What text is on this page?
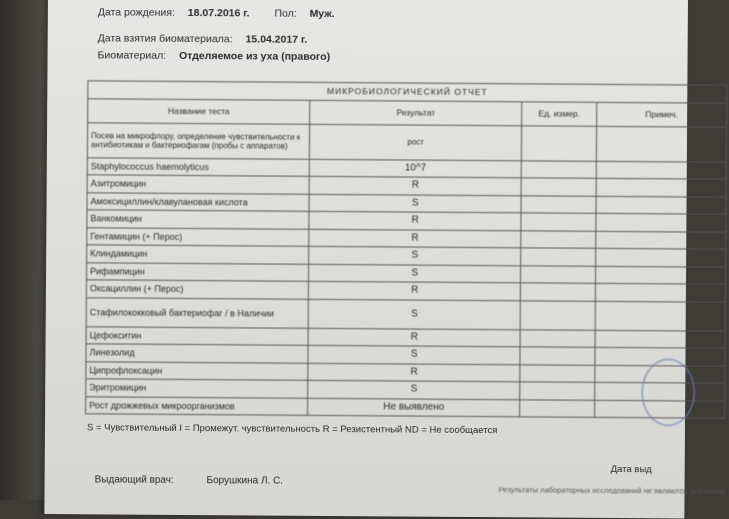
Дата рождения: 18.07.2016 г. Пол: Муж.
Дата взятия биоматериала: 15.04.2017 г.
Биоматериал: Отделяемое из уха (правого)
МИКРОБИОЛОГИЧЕСКИЙ ОТЧЕТ			
Название теста	Результат	Ед. измер.	Примеч.
Посев на микрофлору, определение чувствительности к антибиотикам и бактериофагам (пробы с аппаратов)	рост		
Staphylococcus haemolyticus	10^7		
Азитромицин	R		
Амоксициллин/клавулановая кислота	S		
Ванкомицин	R		
Гентамицин (+ Перос)	R		
Клиндамицин	S		
Рифампицин	S		
Оксациллин (+ Перос)	R		
Стафилококковый бактериофаг / в Наличии	S		
Цефокситин	R		
Линезолид	S		
Ципрофлоксацин	R		
Эритромицин	S		
Рост дрожжевых микроорганизмов	Не выявлено		
S = Чувствительный I = Промежут. чувствительность R = Резистентный ND = Не сообщается
Дата выд
Выдающий врач:	Борушкина Л. С.
Результаты лабораторных исследований не являются диагнозом
